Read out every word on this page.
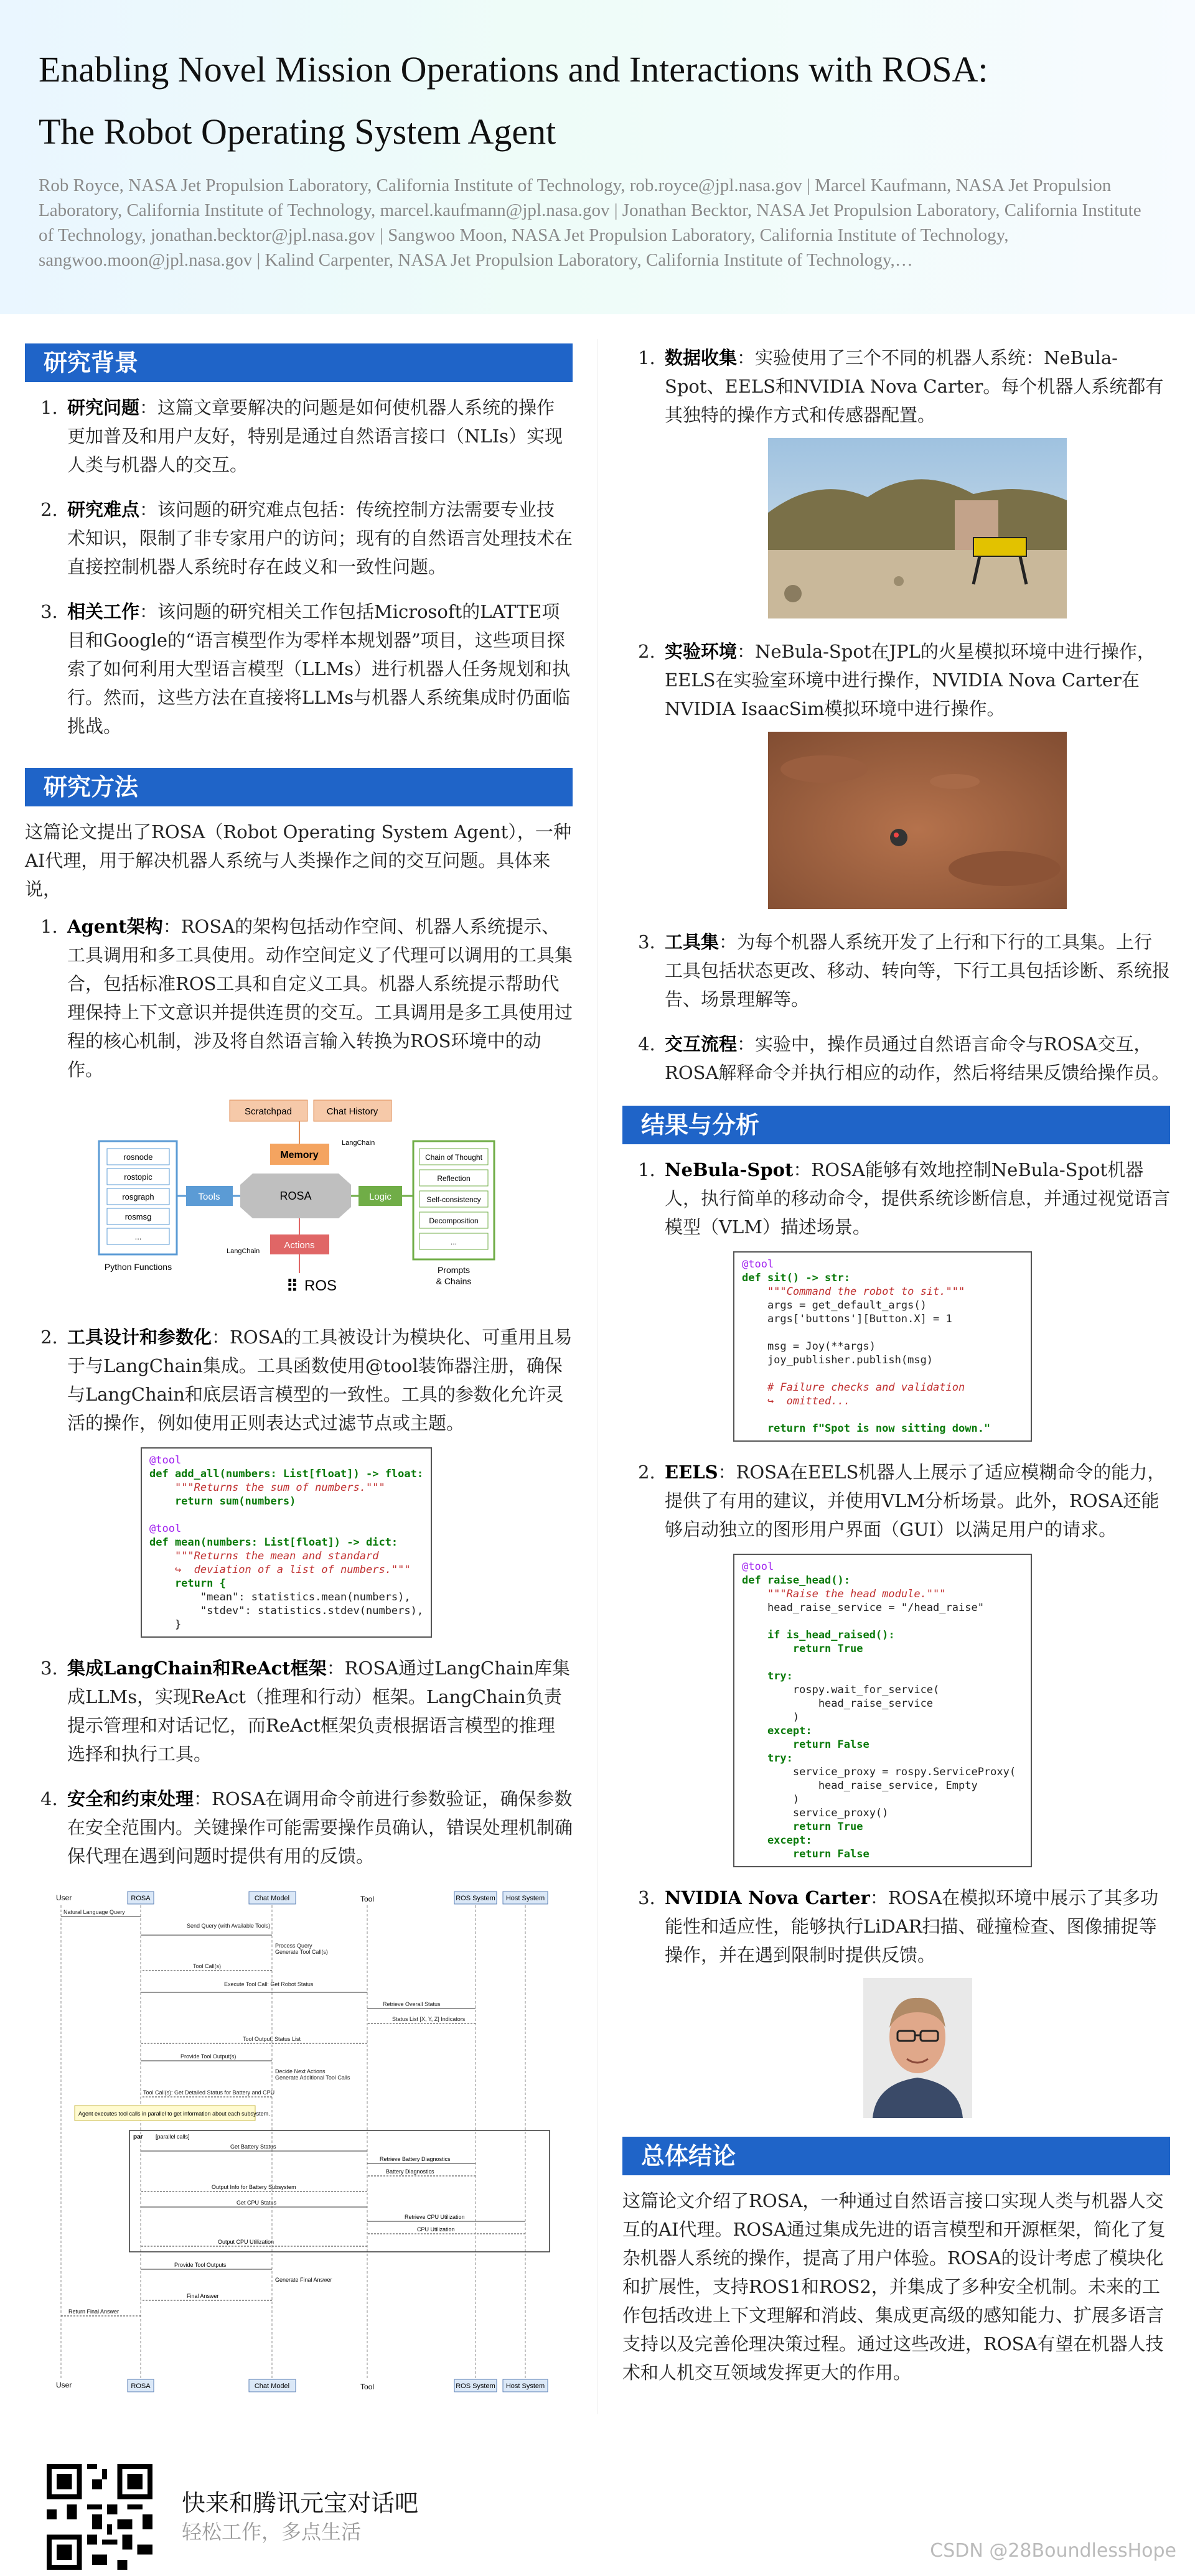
Enabling Novel Mission Operations and Interactions with ROSA:
The Robot Operating System Agent
Rob Royce, NASA Jet Propulsion Laboratory, California Institute of Technology, rob.royce@jpl.nasa.gov | Marcel Kaufmann, NASA Jet Propulsion Laboratory, California Institute of Technology, marcel.kaufmann@jpl.nasa.gov | Jonathan Becktor, NASA Jet Propulsion Laboratory, California Institute of Technology, jonathan.becktor@jpl.nasa.gov | Sangwoo Moon, NASA Jet Propulsion Laboratory, California Institute of Technology, sangwoo.moon@jpl.nasa.gov | Kalind Carpenter, NASA Jet Propulsion Laboratory, California Institute of Technology,…
研究背景
1. 研究问题：这篇文章要解决的问题是如何使机器人系统的操作更加普及和用户友好，特别是通过自然语言接口（NLIs）实现人类与机器人的交互。
2. 研究难点：该问题的研究难点包括：传统控制方法需要专业技术知识，限制了非专家用户的访问；现有的自然语言处理技术在直接控制机器人系统时存在歧义和一致性问题。
3. 相关工作：该问题的研究相关工作包括Microsoft的LATTE项目和Google的“语言模型作为零样本规划器”项目，这些项目探索了如何利用大型语言模型（LLMs）进行机器人任务规划和执行。然而，这些方法在直接将LLMs与机器人系统集成时仍面临挑战。
研究方法

这篇论文提出了ROSA（Robot Operating System Agent），一种AI代理，用于解决机器人系统与人类操作之间的交互问题。具体来说，

1. Agent架构：ROSA的架构包括动作空间、机器人系统提示、工具调用和多工具使用。动作空间定义了代理可以调用的工具集合，包括标准ROS工具和自定义工具。机器人系统提示帮助代理保持上下文意识并提供连贯的交互。工具调用是多工具使用过程的核心机制，涉及将自然语言输入转换为ROS环境中的动作。
Scratchpad	Chat History
Memory
LangChain
rosnode
rostopic
rosgraph
rosmsg
...
Python Functions
Tools	ROSA	Logic
Chain of Thought
Reflection
Self-consistency
Decomposition
...
Prompts
& Chains
Actions
LangChain
⠿ ROS
2. 工具设计和参数化：ROSA的工具被设计为模块化、可重用且易于与LangChain集成。工具函数使用@tool装饰器注册，确保与LangChain和底层语言模型的一致性。工具的参数化允许灵活的操作，例如使用正则表达式过滤节点或主题。
@tool
def add_all(numbers: List[float]) -> float:
"""Returns the sum of numbers."""
return sum(numbers)

@tool
def mean(numbers: List[float]) -> dict:
"""Returns the mean and standard
↪  deviation of a list of numbers."""
return {
"mean": statistics.mean(numbers),
"stdev": statistics.stdev(numbers),
}
3. 集成LangChain和ReAct框架：ROSA通过LangChain库集成LLMs，实现ReAct（推理和行动）框架。LangChain负责提示管理和对话记忆，而ReAct框架负责根据语言模型的推理选择和执行工具。
4. 安全和约束处理：ROSA在调用命令前进行参数验证，确保参数在安全范围内。关键操作可能需要操作员确认，错误处理机制确保代理在遇到问题时提供有用的反馈。
User	ROSA	Chat Model	Tool	ROS System Host System
Natural Language Query
Send Query (with Available Tools)
Process Query
Generate Tool Call(s)
Tool Call(s)
Execute Tool Call: Get Robot Status
Retrieve Overall Status
Status List [X, Y, Z] Indicators
Tool Output: Status List
Provide Tool Output(s)
Decide Next Actions
Generate Additional Tool Calls
Tool Call(s): Get Detailed Status for Battery and CPU
Agent executes tool calls in parallel to get information about each subsystem.
par [parallel calls]
Get Battery Status
Retrieve Battery Diagnostics
Battery Diagnostics
Output Info for Battery Subsystem
Get CPU Status
Retrieve CPU Utilization
CPU Utilization
Output CPU Utilization
Provide Tool Outputs
Generate Final Answer
Final Answer
Return Final Answer
User	ROSA	Chat Model	Tool	ROS System Host System
1. 数据收集：实验使用了三个不同的机器人系统：NeBula-Spot、EELS和NVIDIA Nova Carter。每个机器人系统都有其独特的操作方式和传感器配置。
2. 实验环境：NeBula-Spot在JPL的火星模拟环境中进行操作，EELS在实验室环境中进行操作，NVIDIA Nova Carter在NVIDIA IsaacSim模拟环境中进行操作。
3. 工具集：为每个机器人系统开发了上行和下行的工具集。上行工具包括状态更改、移动、转向等，下行工具包括诊断、系统报告、场景理解等。
4. 交互流程：实验中，操作员通过自然语言命令与ROSA交互，ROSA解释命令并执行相应的动作，然后将结果反馈给操作员。
结果与分析
1. NeBula-Spot：ROSA能够有效地控制NeBula-Spot机器人，执行简单的移动命令，提供系统诊断信息，并通过视觉语言模型（VLM）描述场景。
@tool
def sit() -> str:
"""Command the robot to sit."""
args = get_default_args()
args['buttons'][Button.X] = 1

msg = Joy(**args)
joy_publisher.publish(msg)

# Failure checks and validation
↪  omitted...

return f"Spot is now sitting down."
2. EELS：ROSA在EELS机器人上展示了适应模糊命令的能力，提供了有用的建议，并使用VLM分析场景。此外，ROSA还能够启动独立的图形用户界面（GUI）以满足用户的请求。
@tool
def raise_head():
"""Raise the head module."""
head_raise_service = "/head_raise"

if is_head_raised():
return True

try:
rospy.wait_for_service(
head_raise_service
)
except:
return False
try:
service_proxy = rospy.ServiceProxy(
head_raise_service, Empty
)
service_proxy()
return True
except:
return False
3. NVIDIA Nova Carter：ROSA在模拟环境中展示了其多功能性和适应性，能够执行LiDAR扫描、碰撞检查、图像捕捉等操作，并在遇到限制时提供反馈。
总体结论

这篇论文介绍了ROSA，一种通过自然语言接口实现人类与机器人交互的AI代理。ROSA通过集成先进的语言模型和开源框架，简化了复杂机器人系统的操作，提高了用户体验。ROSA的设计考虑了模块化和扩展性，支持ROS1和ROS2，并集成了多种安全机制。未来的工作包括改进上下文理解和消歧、集成更高级的感知能力、扩展多语言支持以及完善伦理决策过程。通过这些改进，ROSA有望在机器人技术和人机交互领域发挥更大的作用。

快来和腾讯元宝对话吧
轻松工作，多点生活
CSDN @28BoundlessHope
